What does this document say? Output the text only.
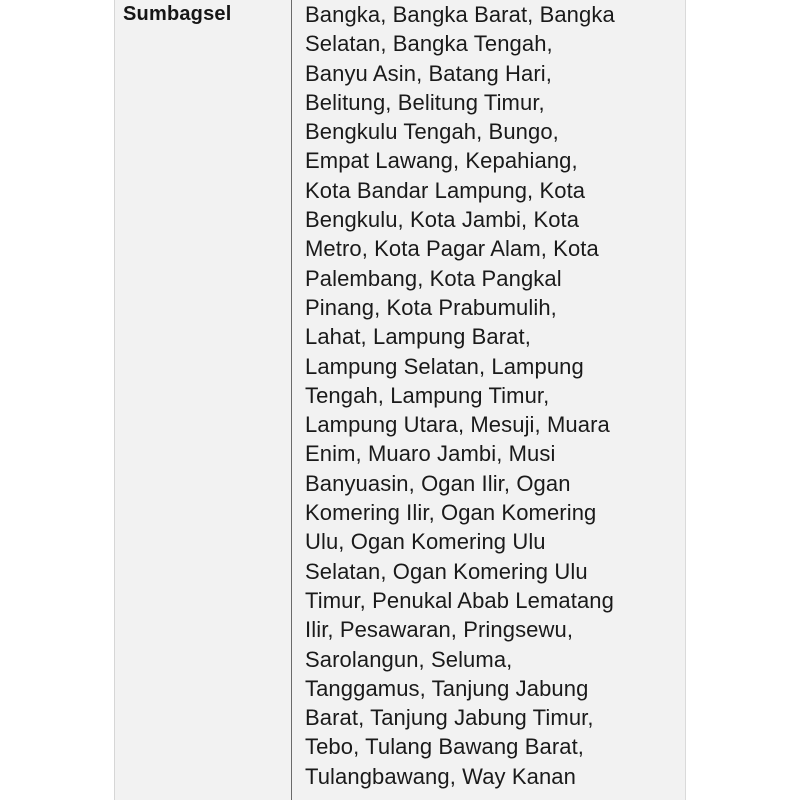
Sumbagsel	Bangka, Bangka Barat, Bangka
Selatan, Bangka Tengah,
Banyu Asin, Batang Hari,
Belitung, Belitung Timur,
Bengkulu Tengah, Bungo,
Empat Lawang, Kepahiang,
Kota Bandar Lampung, Kota
Bengkulu, Kota Jambi, Kota
Metro, Kota Pagar Alam, Kota
Palembang, Kota Pangkal
Pinang, Kota Prabumulih,
Lahat, Lampung Barat,
Lampung Selatan, Lampung
Tengah, Lampung Timur,
Lampung Utara, Mesuji, Muara
Enim, Muaro Jambi, Musi
Banyuasin, Ogan Ilir, Ogan
Komering Ilir, Ogan Komering
Ulu, Ogan Komering Ulu
Selatan, Ogan Komering Ulu
Timur, Penukal Abab Lematang
Ilir, Pesawaran, Pringsewu,
Sarolangun, Seluma,
Tanggamus, Tanjung Jabung
Barat, Tanjung Jabung Timur,
Tebo, Tulang Bawang Barat,
Tulangbawang, Way Kanan
